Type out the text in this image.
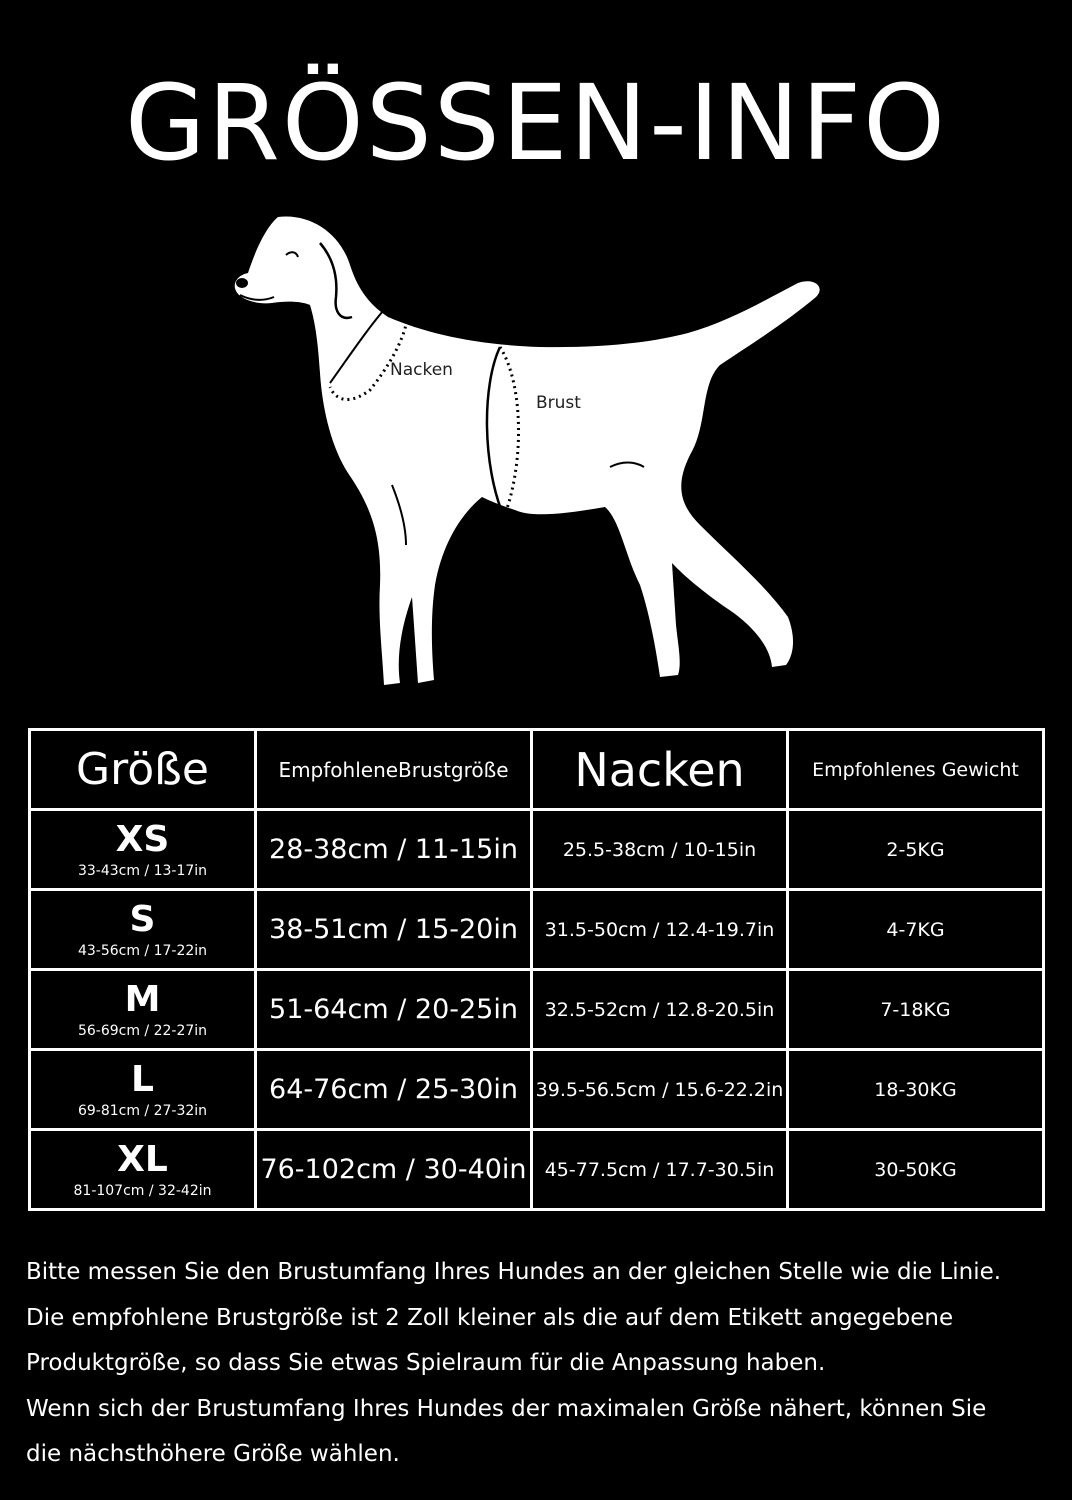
GRÖSSEN-INFO
Nacken
Brust
Größe	EmpfohleneBrustgröße	Nacken	Empfohlenes Gewicht

XS
33-43cm / 13-17in	28-38cm / 11-15in	25.5-38cm / 10-15in	2-5KG

S
43-56cm / 17-22in	38-51cm / 15-20in	31.5-50cm / 12.4-19.7in	4-7KG

M
56-69cm / 22-27in	51-64cm / 20-25in	32.5-52cm / 12.8-20.5in	7-18KG

L
69-81cm / 27-32in	64-76cm / 25-30in	39.5-56.5cm / 15.6-22.2in	18-30KG

XL
81-107cm / 32-42in	76-102cm / 30-40in	45-77.5cm / 17.7-30.5in	30-50KG

Bitte messen Sie den Brustumfang Ihres Hundes an der gleichen Stelle wie die Linie.

Die empfohlene Brustgröße ist 2 Zoll kleiner als die auf dem Etikett angegebene

Produktgröße, so dass Sie etwas Spielraum für die Anpassung haben.

Wenn sich der Brustumfang Ihres Hundes der maximalen Größe nähert, können Sie

die nächsthöhere Größe wählen.
